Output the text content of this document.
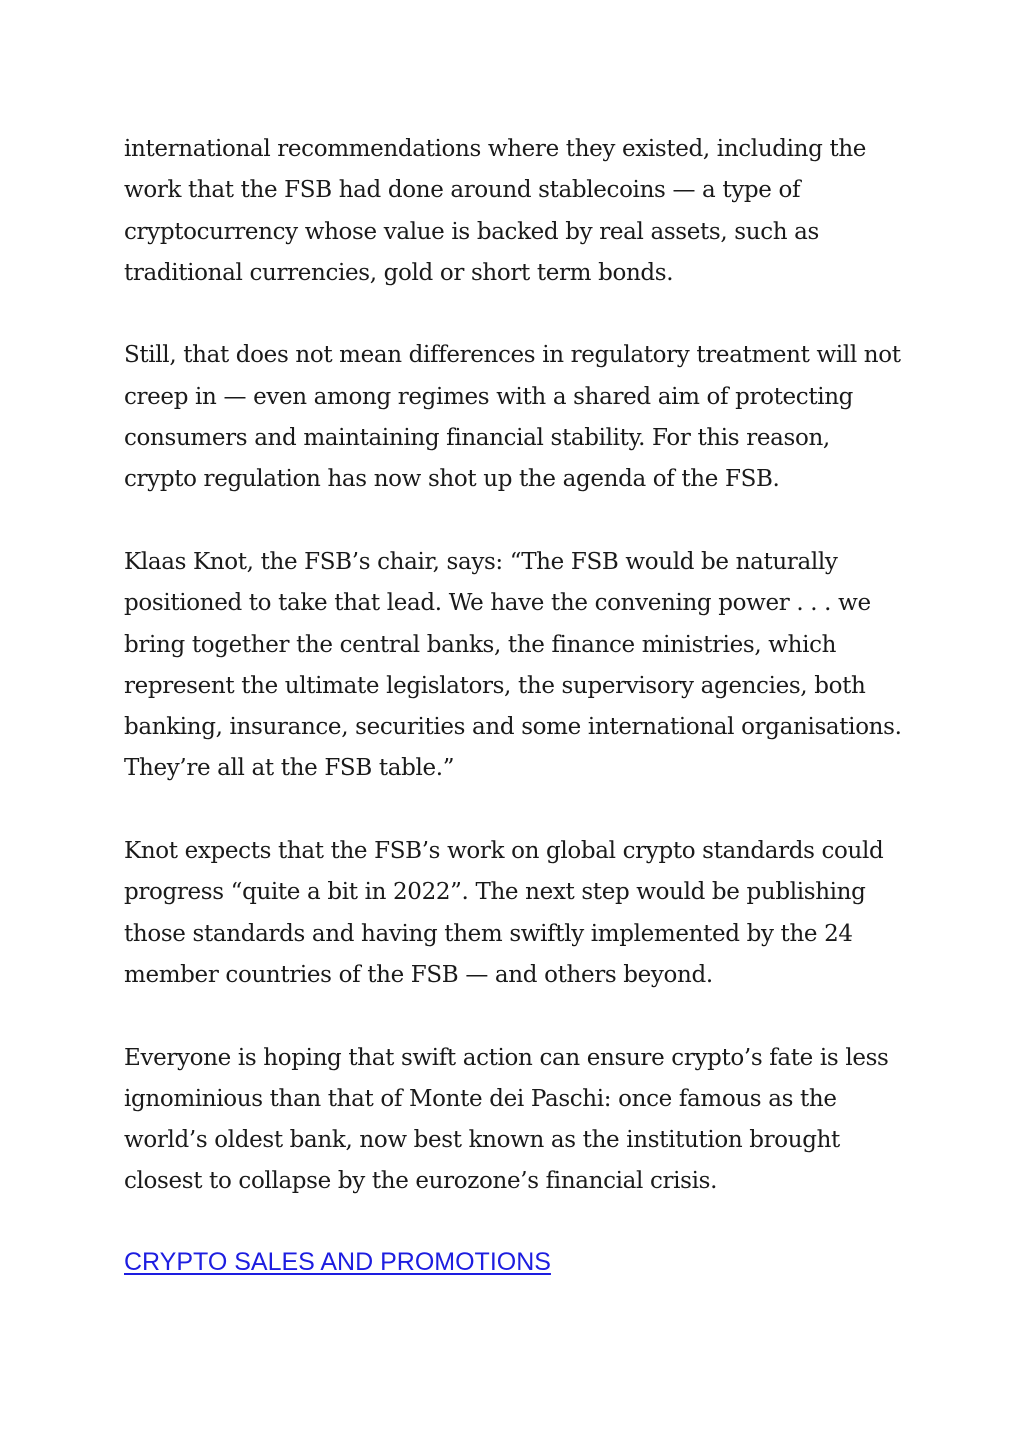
international recommendations where they existed, including the
work that the FSB had done around stablecoins — a type of
cryptocurrency whose value is backed by real assets, such as
traditional currencies, gold or short term bonds.

Still, that does not mean differences in regulatory treatment will not
creep in — even among regimes with a shared aim of protecting
consumers and maintaining financial stability. For this reason,
crypto regulation has now shot up the agenda of the FSB.

Klaas Knot, the FSB’s chair, says: “The FSB would be naturally
positioned to take that lead. We have the convening power . . . we
bring together the central banks, the finance ministries, which
represent the ultimate legislators, the supervisory agencies, both
banking, insurance, securities and some international organisations.
They’re all at the FSB table.”

Knot expects that the FSB’s work on global crypto standards could
progress “quite a bit in 2022”. The next step would be publishing
those standards and having them swiftly implemented by the 24
member countries of the FSB — and others beyond.

Everyone is hoping that swift action can ensure crypto’s fate is less
ignominious than that of Monte dei Paschi: once famous as the
world’s oldest bank, now best known as the institution brought
closest to collapse by the eurozone’s financial crisis.

CRYPTO SALES AND PROMOTIONS
